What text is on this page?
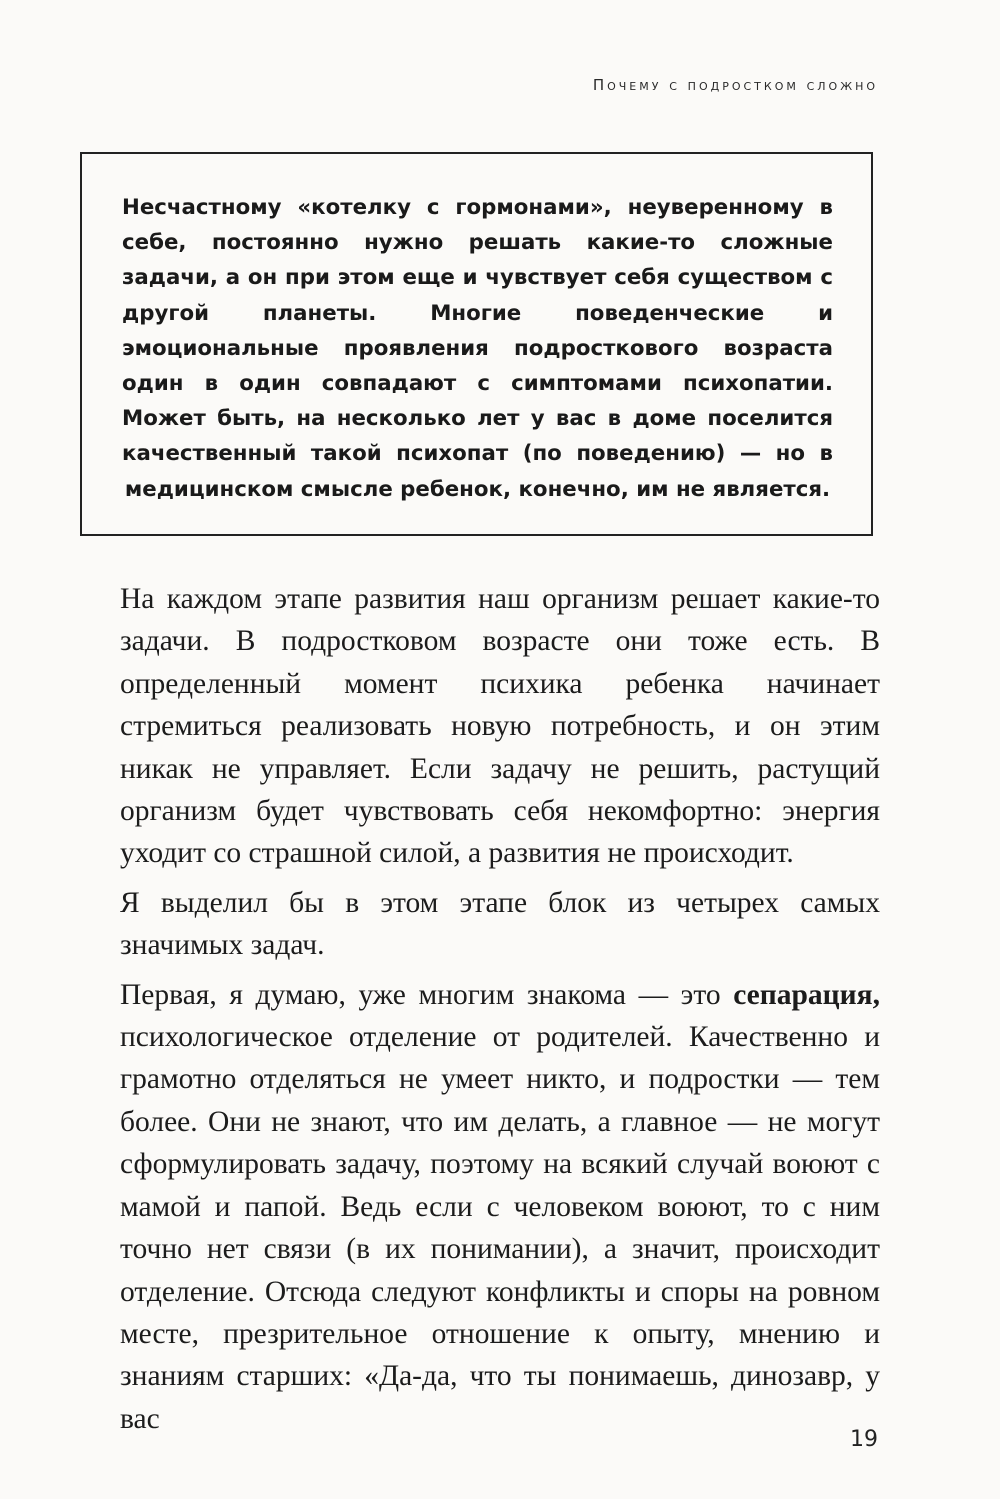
Почему с подростком сложно

Несчастному «котелку с гормонами», неуверенному в себе, постоянно нужно решать какие-то сложные задачи, а он при этом еще и чувствует себя существом с другой планеты. Многие поведенческие и эмоциональные проявления подросткового возраста один в один совпадают с симптомами психопатии. Может быть, на несколько лет у вас в доме поселится качественный такой психопат (по поведению) — но в медицинском смысле ребенок, конечно, им не является.

На каждом этапе развития наш организм решает какие-то задачи. В подростковом возрасте они тоже есть. В определенный момент психика ребенка начинает стремиться реализовать новую потребность, и он этим никак не управляет. Если задачу не решить, растущий организм будет чувствовать себя некомфортно: энергия уходит со страшной силой, а развития не происходит.

Я выделил бы в этом этапе блок из четырех самых значимых задач.

Первая, я думаю, уже многим знакома — это сепарация, психологическое отделение от родителей. Качественно и грамотно отделяться не умеет никто, и подростки — тем более. Они не знают, что им делать, а главное — не могут сформулировать задачу, поэтому на всякий случай воюют с мамой и папой. Ведь если с человеком воюют, то с ним точно нет связи (в их понимании), а значит, происходит отделение. Отсюда следуют конфликты и споры на ровном месте, презрительное отношение к опыту, мнению и знаниям старших: «Да-да, что ты понимаешь, динозавр, у вас

19
